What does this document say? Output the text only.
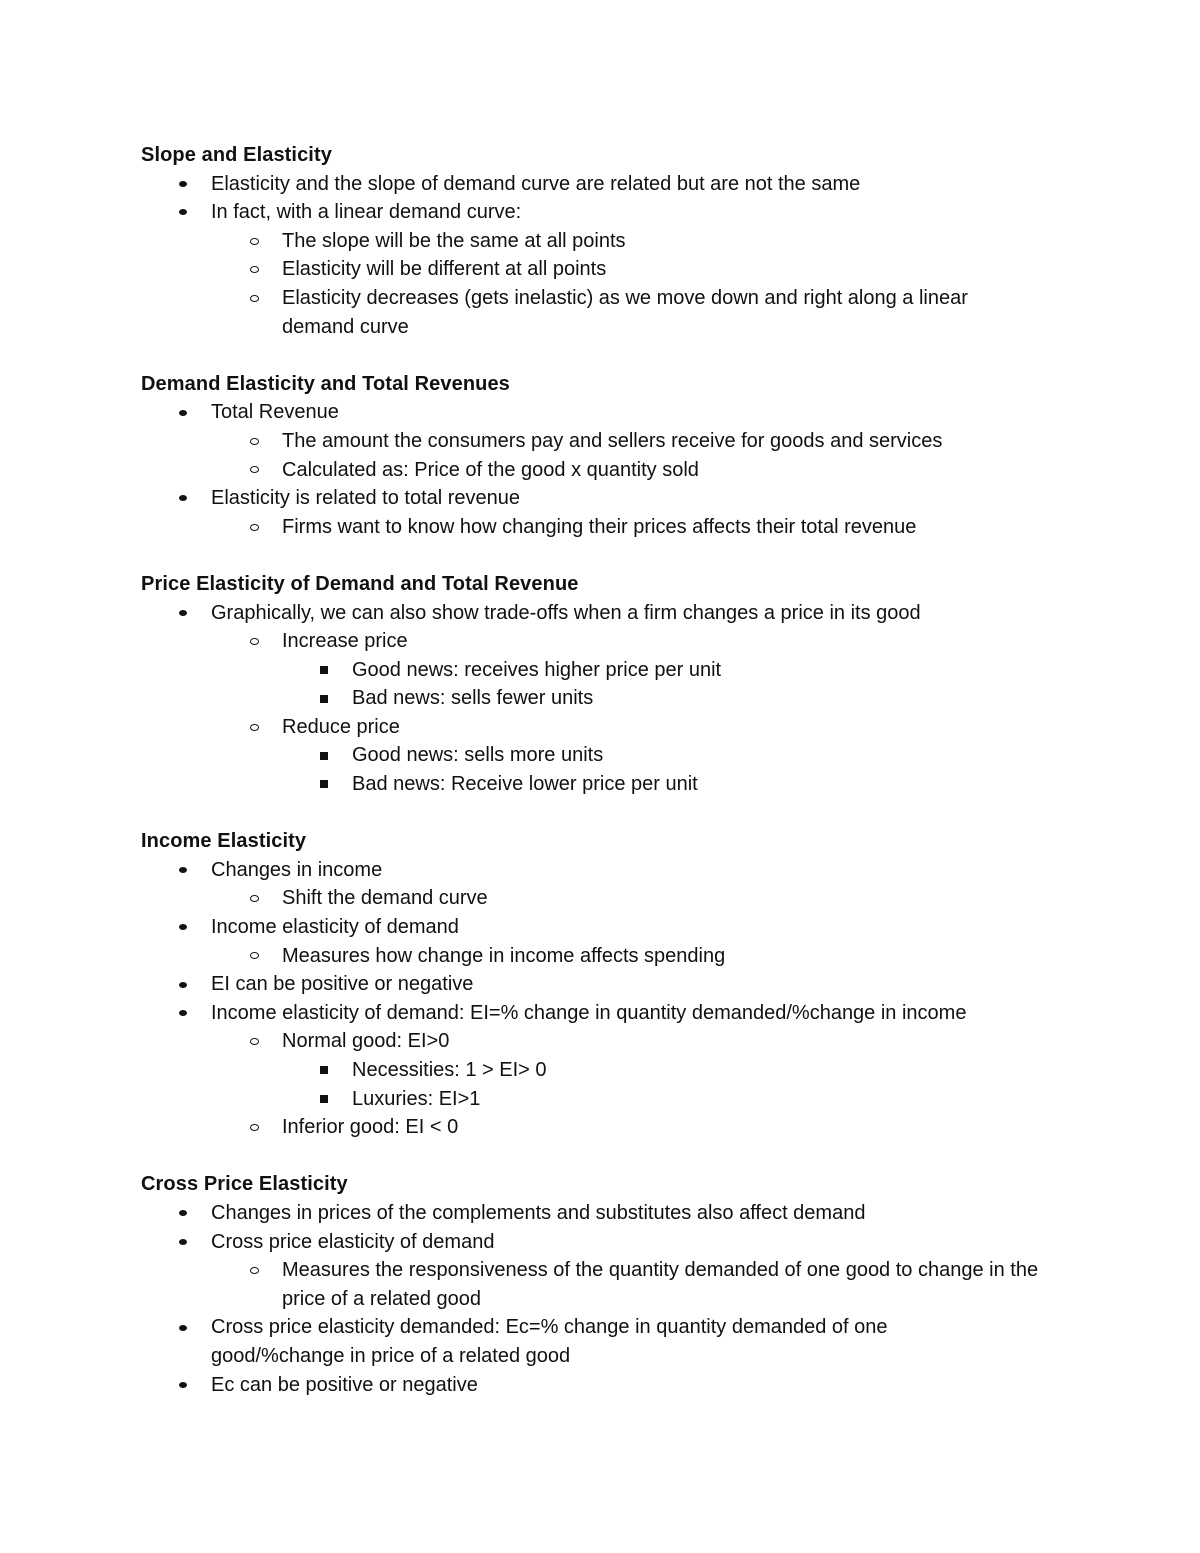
Slope and Elasticity

Elasticity and the slope of demand curve are related but are not the same
In fact, with a linear demand curve:
The slope will be the same at all points
Elasticity will be different at all points
Elasticity decreases (gets inelastic) as we move down and right along a linear demand curve

Demand Elasticity and Total Revenues

Total Revenue
The amount the consumers pay and sellers receive for goods and services
Calculated as: Price of the good x quantity sold
Elasticity is related to total revenue
Firms want to know how changing their prices affects their total revenue

Price Elasticity of Demand and Total Revenue

Graphically, we can also show trade-offs when a firm changes a price in its good
Increase price
Good news: receives higher price per unit
Bad news: sells fewer units
Reduce price
Good news: sells more units
Bad news: Receive lower price per unit

Income Elasticity

Changes in income
Shift the demand curve
Income elasticity of demand
Measures how change in income affects spending
EI can be positive or negative
Income elasticity of demand: EI=% change in quantity demanded/%change in income
Normal good: EI>0
Necessities: 1 > EI> 0
Luxuries: EI>1
Inferior good: EI < 0

Cross Price Elasticity

Changes in prices of the complements and substitutes also affect demand
Cross price elasticity of demand
Measures the responsiveness of the quantity demanded of one good to change in the price of a related good
Cross price elasticity demanded: Ec=% change in quantity demanded of one good/%change in price of a related good
Ec can be positive or negative
